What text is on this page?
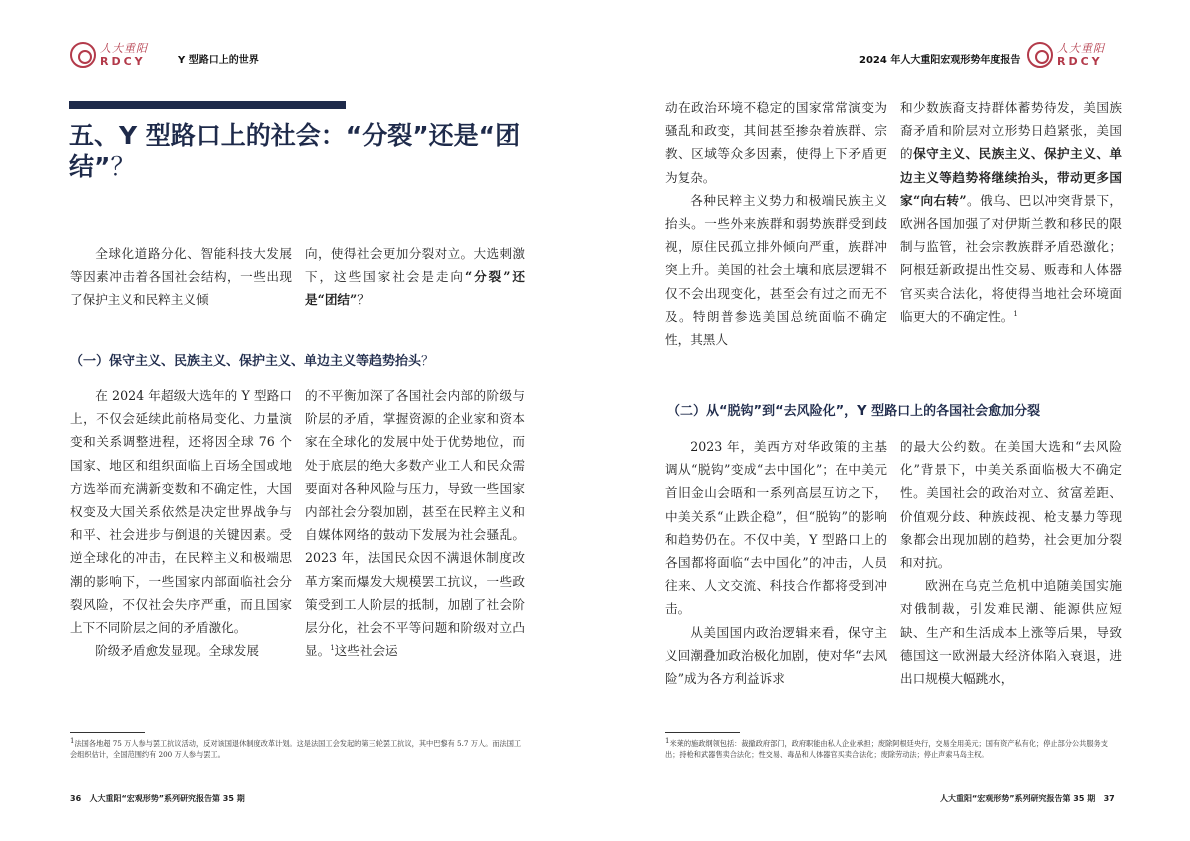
人大重阳
RDCY	Y 型路口上的世界
五、Y 型路口上的社会：“分裂”还是“团结”？

全球化道路分化、智能科技大发展等因素冲击着各国社会结构，一些出现了保护主义和民粹主义倾

向，使得社会更加分裂对立。大选刺激下，这些国家社会是走向“分裂”还是“团结”？

（一）保守主义、民族主义、保护主义、单边主义等趋势抬头？

在 2024 年超级大选年的 Y 型路口上，不仅会延续此前格局变化、力量演变和关系调整进程，还将因全球 76 个国家、地区和组织面临上百场全国或地方选举而充满新变数和不确定性，大国权变及大国关系依然是决定世界战争与和平、社会进步与倒退的关键因素。受逆全球化的冲击，在民粹主义和极端思潮的影响下，一些国家内部面临社会分裂风险，不仅社会失序严重，而且国家上下不同阶层之间的矛盾激化。

阶级矛盾愈发显现。全球发展

的不平衡加深了各国社会内部的阶级与阶层的矛盾，掌握资源的企业家和资本家在全球化的发展中处于优势地位，而处于底层的绝大多数产业工人和民众需要面对各种风险与压力，导致一些国家内部社会分裂加剧，甚至在民粹主义和自媒体网络的鼓动下发展为社会骚乱。2023 年，法国民众因不满退休制度改革方案而爆发大规模罢工抗议，一些政策受到工人阶层的抵制，加剧了社会阶层分化，社会不平等问题和阶级对立凸显。$^1$这些社会运

$^1$法国各地超 75 万人参与罢工抗议活动，反对该国退休制度改革计划。这是法国工会发起的第三轮罢工抗议，其中巴黎有 5.7 万人。而法国工会组织估计，全国范围约有 200 万人参与罢工。
36 人大重阳“宏观形势”系列研究报告第 35 期
2024 年人大重阳宏观形势年度报告
人大重阳
RDCY

动在政治环境不稳定的国家常常演变为骚乱和政变，其间甚至掺杂着族群、宗教、区域等众多因素，使得上下矛盾更为复杂。

各种民粹主义势力和极端民族主义抬头。一些外来族群和弱势族群受到歧视，原住民孤立排外倾向严重，族群冲突上升。美国的社会土壤和底层逻辑不仅不会出现变化，甚至会有过之而无不及。特朗普参选美国总统面临不确定性，其黑人

和少数族裔支持群体蓄势待发，美国族裔矛盾和阶层对立形势日趋紧张，美国的保守主义、民族主义、保护主义、单边主义等趋势将继续抬头，带动更多国家“向右转”。俄乌、巴以冲突背景下，欧洲各国加强了对伊斯兰教和移民的限制与监管，社会宗教族群矛盾恐激化；阿根廷新政提出性交易、贩毒和人体器官买卖合法化，将使得当地社会环境面临更大的不确定性。$^1$

（二）从“脱钩”到“去风险化”，Y 型路口上的各国社会愈加分裂

2023 年，美西方对华政策的主基调从“脱钩”变成“去中国化”；在中美元首旧金山会晤和一系列高层互访之下，中美关系“止跌企稳”，但“脱钩”的影响和趋势仍在。不仅中美，Y 型路口上的各国都将面临“去中国化”的冲击，人员往来、人文交流、科技合作都将受到冲击。

从美国国内政治逻辑来看，保守主义回潮叠加政治极化加剧，使对华“去风险”成为各方利益诉求

的最大公约数。在美国大选和“去风险化”背景下，中美关系面临极大不确定性。美国社会的政治对立、贫富差距、价值观分歧、种族歧视、枪支暴力等现象都会出现加剧的趋势，社会更加分裂和对抗。

欧洲在乌克兰危机中追随美国实施对俄制裁，引发难民潮、能源供应短缺、生产和生活成本上涨等后果，导致德国这一欧洲最大经济体陷入衰退，进出口规模大幅跳水，

$^1$米莱的施政纲领包括：裁撤政府部门，政府职能由私人企业承担；废除阿根廷央行，交易全用美元；国有资产私有化；停止部分公共服务支出；持枪和武器售卖合法化；性交易、毒品和人体器官买卖合法化；废除劳动法；停止声索马岛主权。
人大重阳“宏观形势”系列研究报告第 35 期 37
